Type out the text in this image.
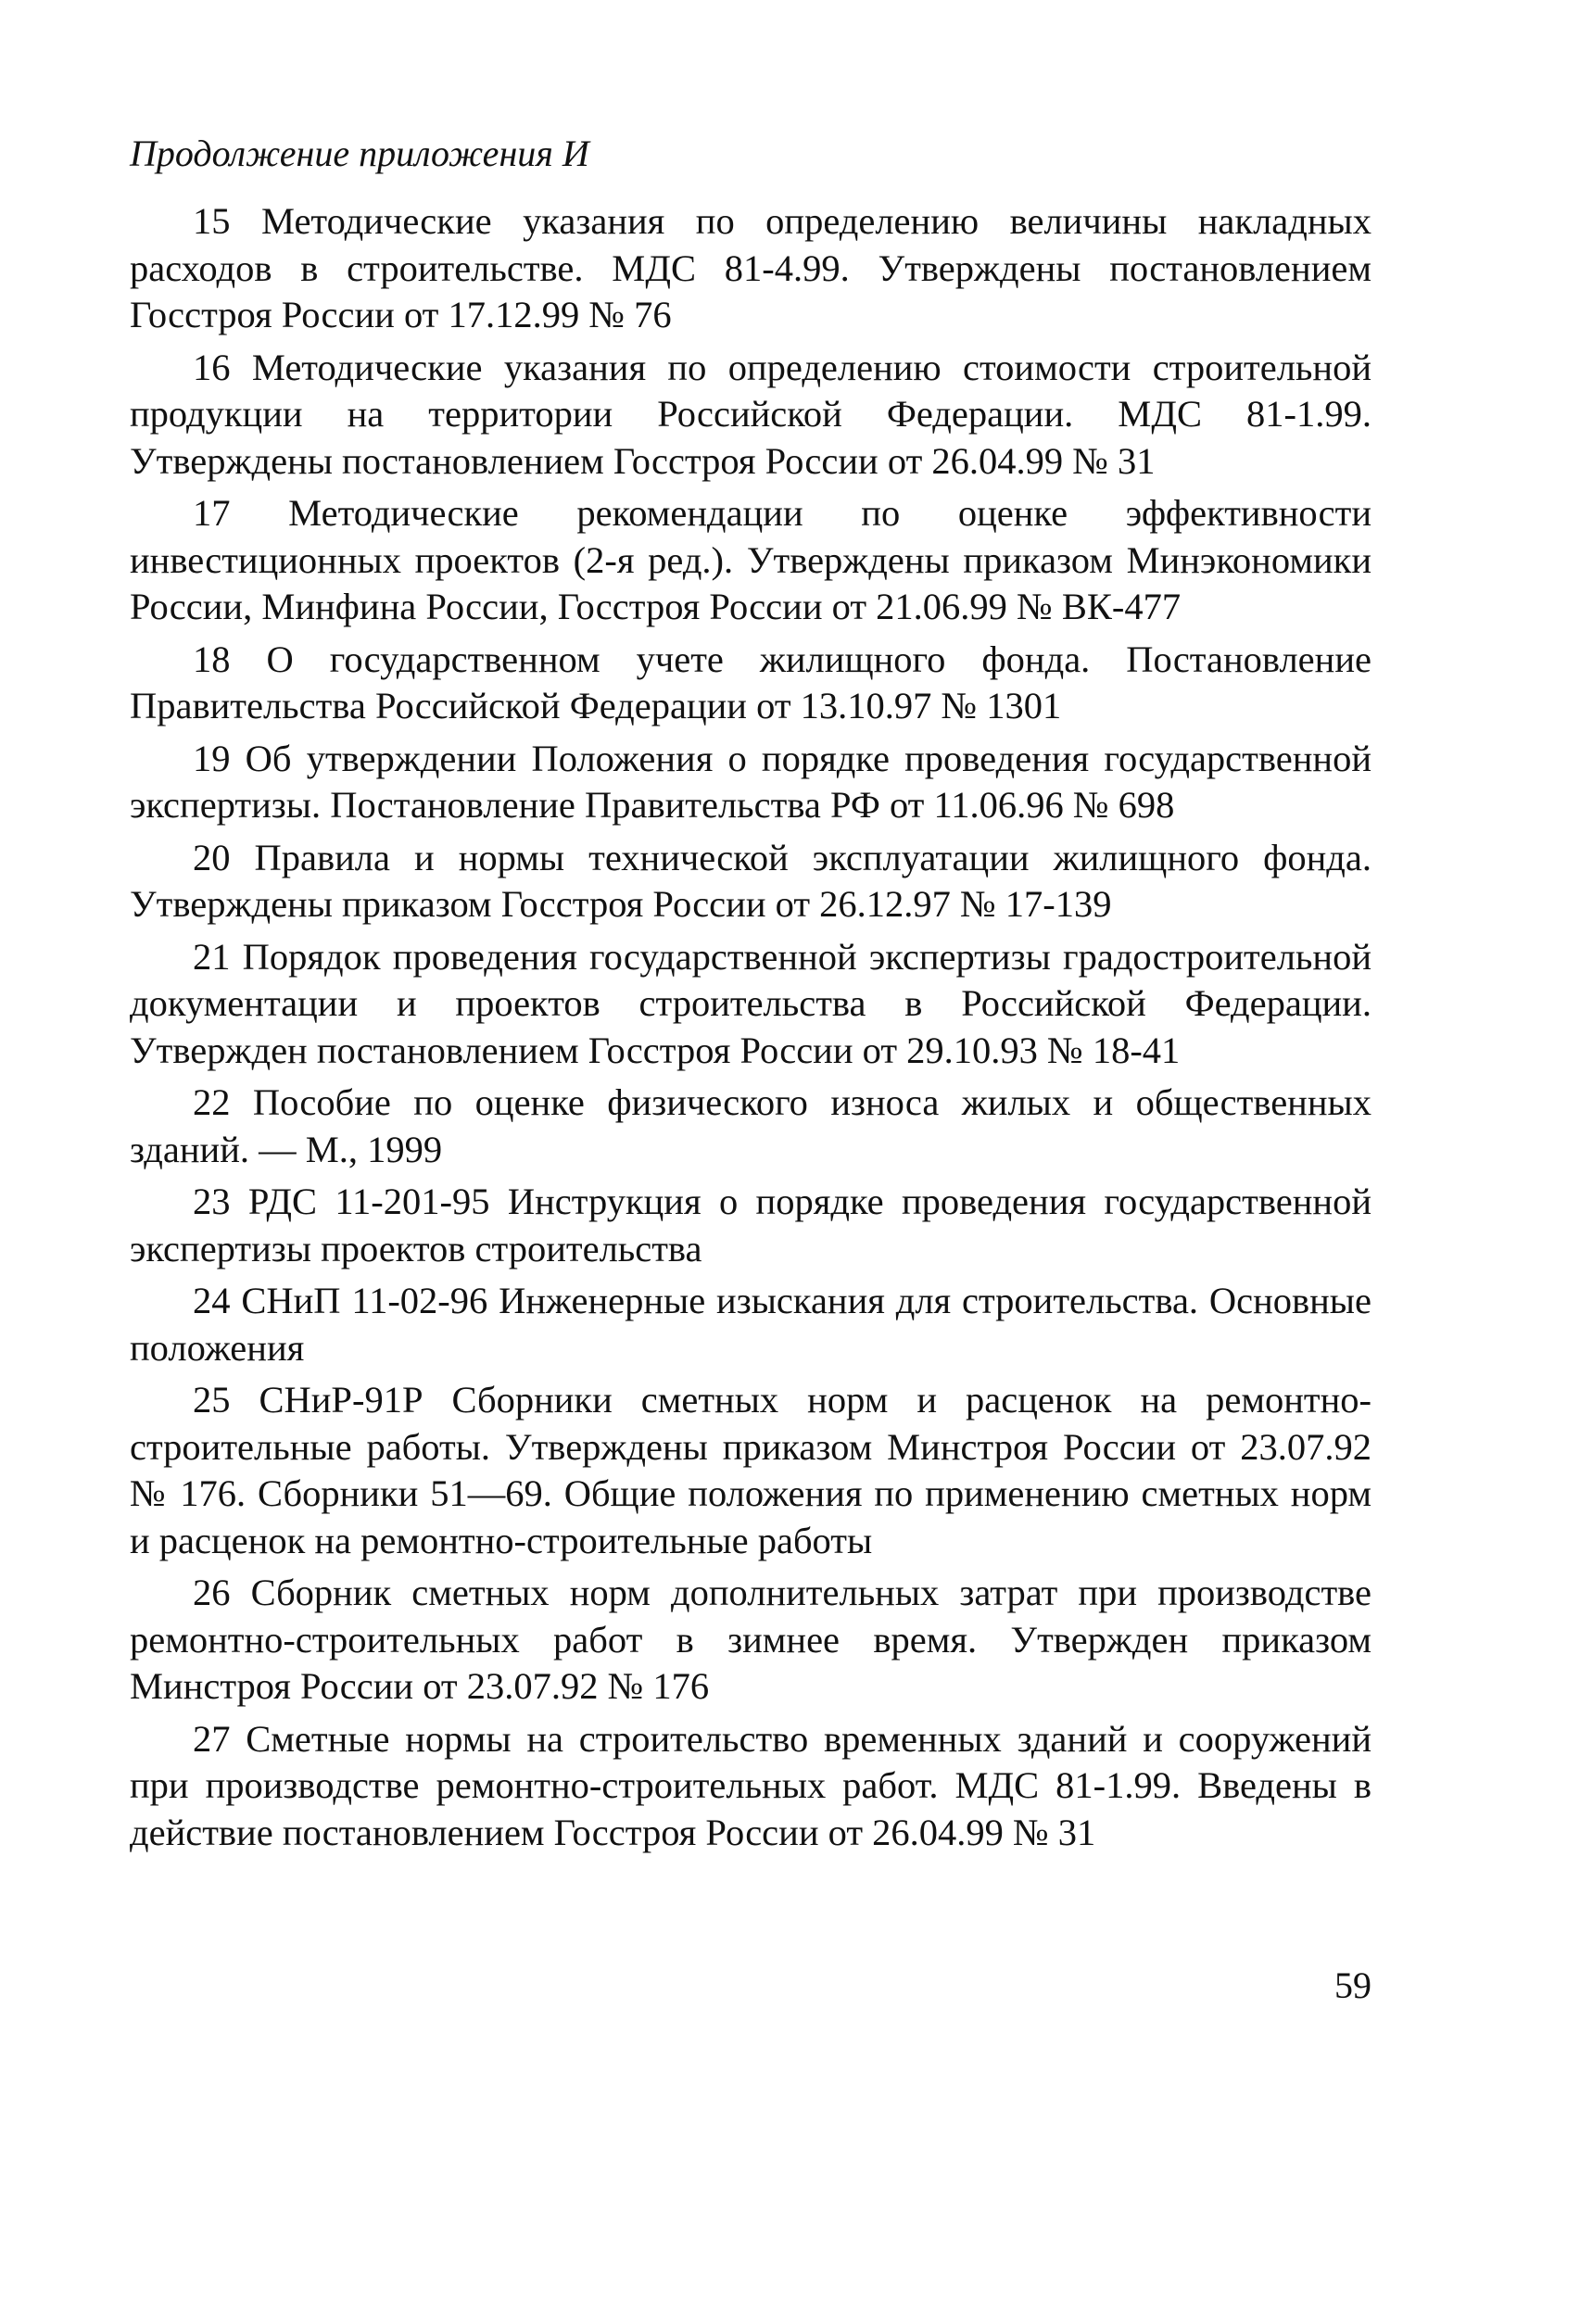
Продолжение приложения И
15 Методические указания по определению величины накладных расходов в строительстве. МДС 81-4.99. Утверждены постановлением Госстроя России от 17.12.99 № 76
16 Методические указания по определению стоимости строительной продукции на территории Российской Федерации. МДС 81-1.99. Утверждены постановлением Госстроя России от 26.04.99 № 31
17 Методические рекомендации по оценке эффективности инвестиционных проектов (2-я ред.). Утверждены приказом Минэкономики России, Минфина России, Госстроя России от 21.06.99 № ВК-477
18 О государственном учете жилищного фонда. Постановление Правительства Российской Федерации от 13.10.97 № 1301
19 Об утверждении Положения о порядке проведения государственной экспертизы. Постановление Правительства РФ от 11.06.96 № 698
20 Правила и нормы технической эксплуатации жилищного фонда. Утверждены приказом Госстроя России от 26.12.97 № 17-139
21 Порядок проведения государственной экспертизы градостроительной документации и проектов строительства в Российской Федерации. Утвержден постановлением Госстроя России от 29.10.93 № 18-41
22 Пособие по оценке физического износа жилых и общественных зданий. — М., 1999
23 РДС 11-201-95 Инструкция о порядке проведения государственной экспертизы проектов строительства
24 СНиП 11-02-96 Инженерные изыскания для строительства. Основные положения
25 СНиР-91Р Сборники сметных норм и расценок на ремонтно-строительные работы. Утверждены приказом Минстроя России от 23.07.92 № 176. Сборники 51—69. Общие положения по применению сметных норм и расценок на ремонтно-строительные работы
26 Сборник сметных норм дополнительных затрат при производстве ремонтно-строительных работ в зимнее время. Утвержден приказом Минстроя России от 23.07.92 № 176
27 Сметные нормы на строительство временных зданий и сооружений при производстве ремонтно-строительных работ. МДС 81-1.99. Введены в действие постановлением Госстроя России от 26.04.99 № 31
59
